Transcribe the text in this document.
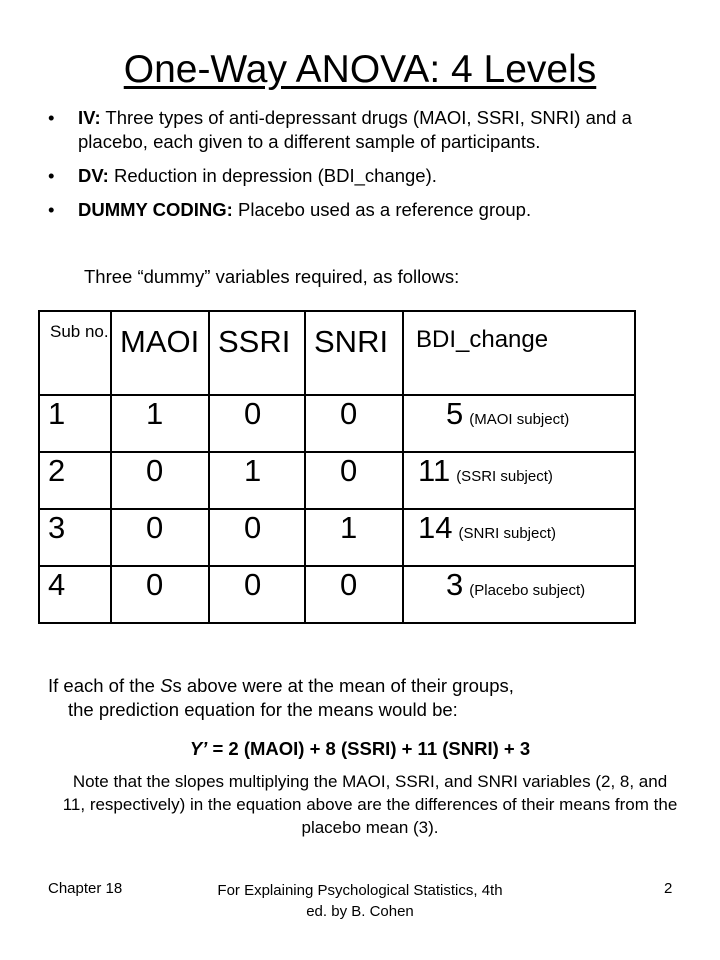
One-Way ANOVA: 4 Levels
• IV: Three types of anti-depressant drugs (MAOI, SSRI, SNRI) and a placebo, each given to a different sample of participants.
• DV: Reduction in depression (BDI_change).
• DUMMY CODING: Placebo used as a reference group.
Three “dummy” variables required, as follows:
Sub no.	MAOI	SSRI	SNRI	BDI_change

1	1	0	0	5 (MAOI subject)
2	0	1	0	11 (SSRI subject)
3	0	0	1	14 (SNRI subject)
4	0	0	0	3 (Placebo subject)
If each of the Ss above were at the mean of their groups,
the prediction equation for the means would be:
Y’ = 2 (MAOI) + 8 (SSRI) + 11 (SNRI) + 3
Note that the slopes multiplying the MAOI, SSRI, and SNRI variables (2, 8, and 11, respectively) in the equation above are the differences of their means from the placebo mean (3).
Chapter 18	For Explaining Psychological Statistics, 4th ed. by B. Cohen
2
